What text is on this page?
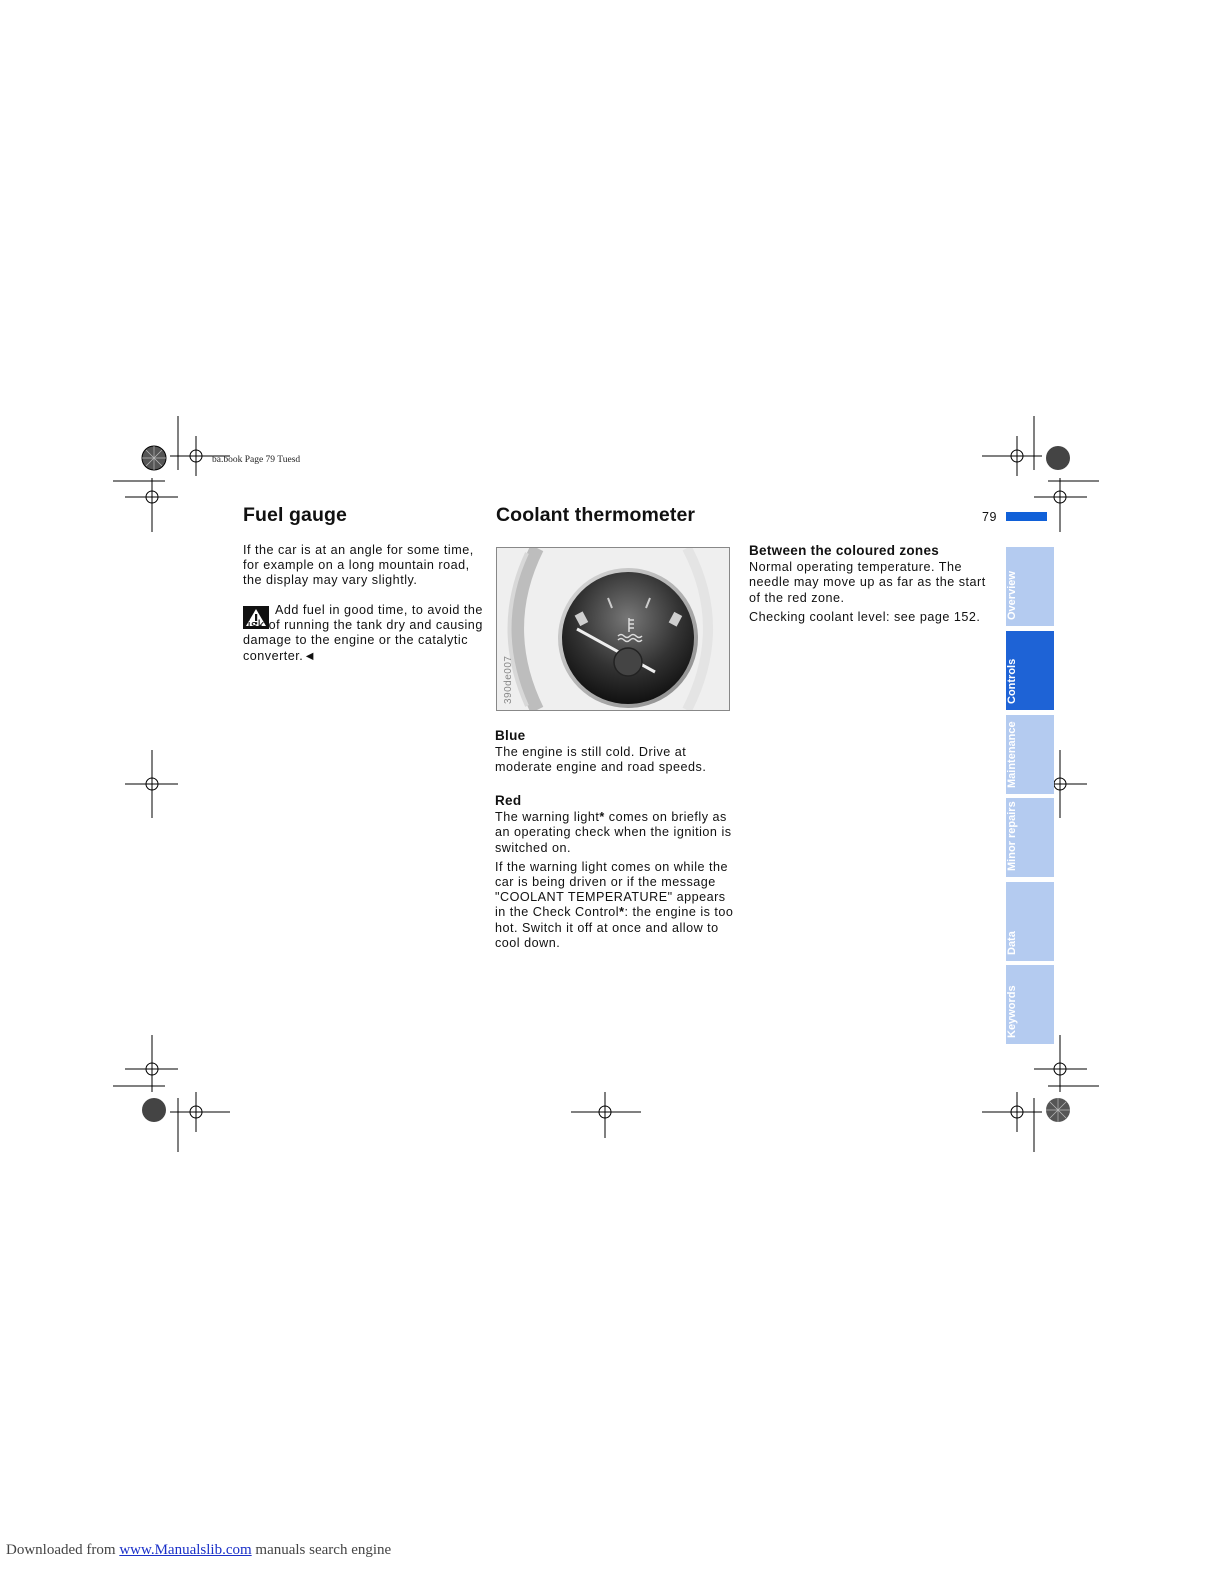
ba.book Page 79 Tuesd
79
Fuel gauge

If the car is at an angle for some time, for example on a long mountain road, the display may vary slightly.

Add fuel in good time, to avoid the risk of running the tank dry and causing damage to the engine or the catalytic converter.◄
Coolant thermometer
390de007
Blue

The engine is still cold. Drive at moderate engine and road speeds.

Red

The warning light* comes on briefly as an operating check when the ignition is switched on.

If the warning light comes on while the car is being driven or if the message "COOLANT TEMPERATURE" appears in the Check Control*: the engine is too hot. Switch it off at once and allow to cool down.

Between the coloured zones

Normal operating temperature. The needle may move up as far as the start of the red zone.

Checking coolant level: see page 152.	Overview
Controls
Maintenance
Minor repairs
Data
Keywords
Downloaded from www.Manualslib.com manuals search engine
